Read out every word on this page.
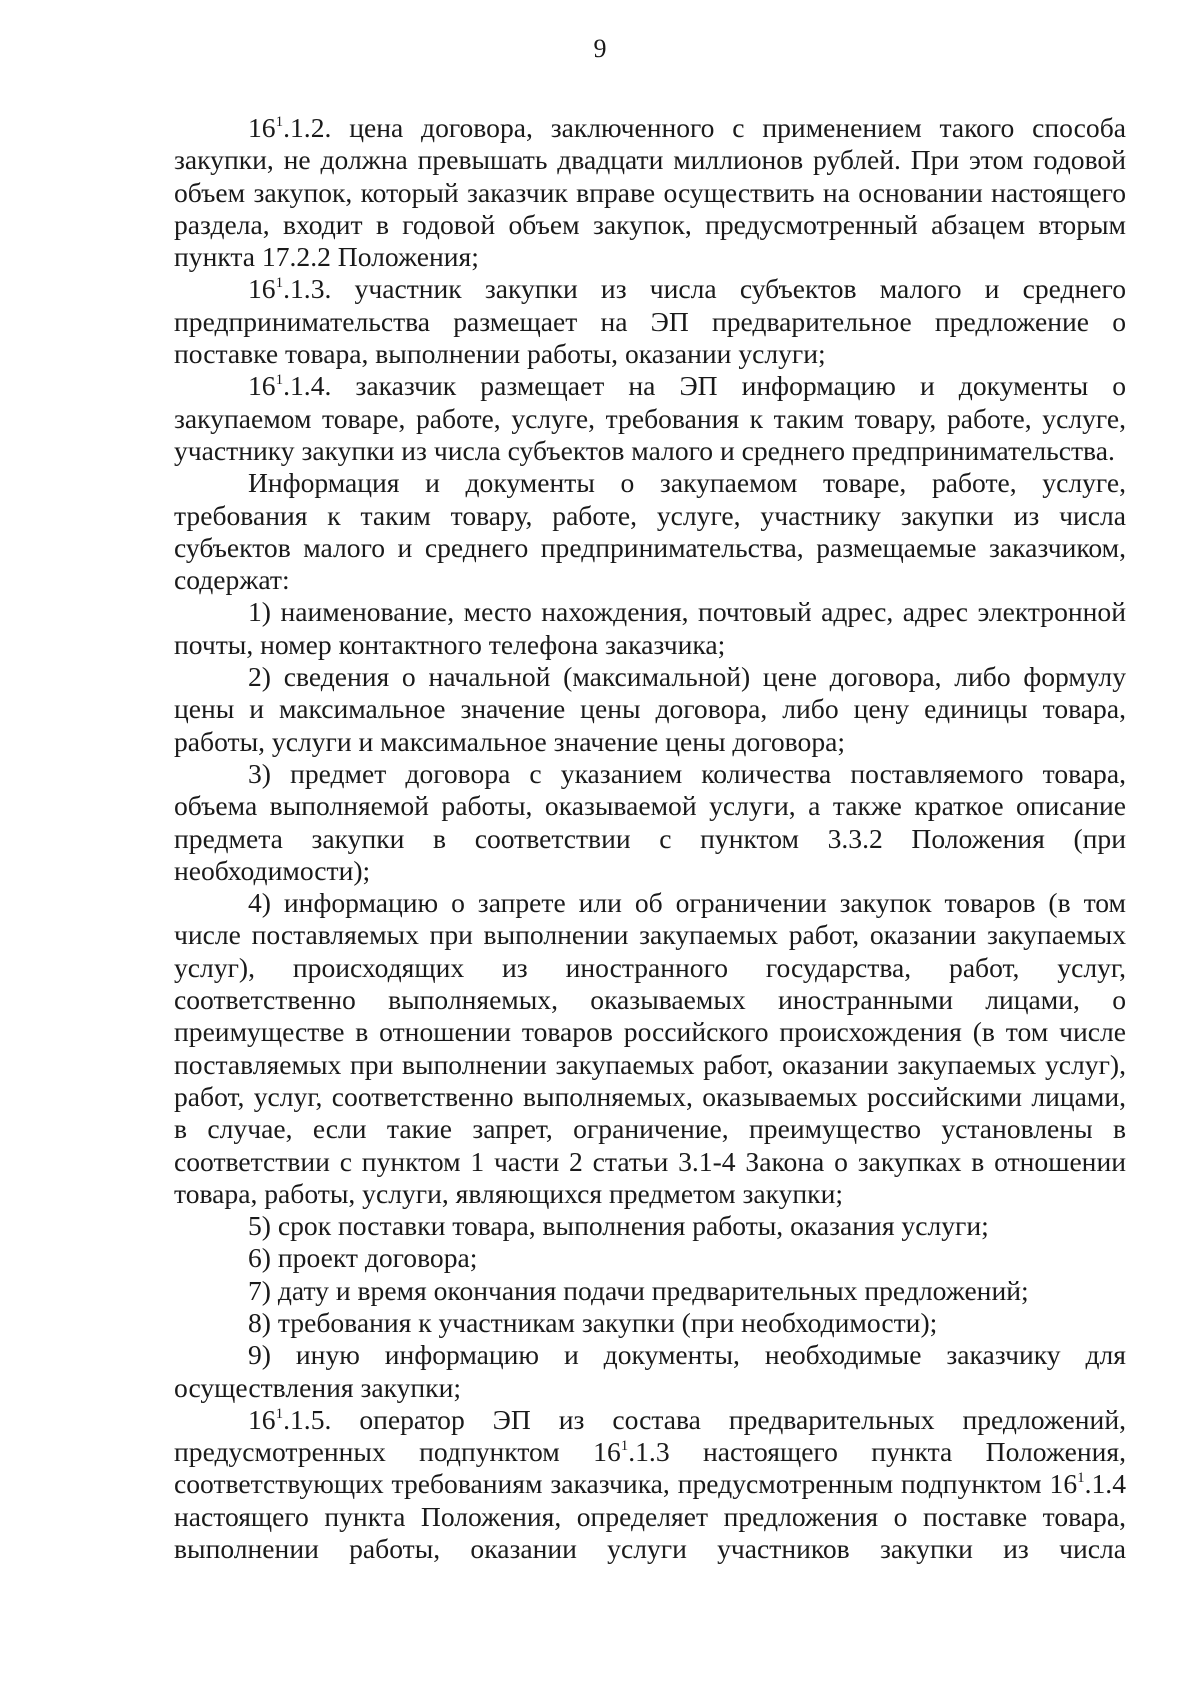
9

$16^1.1.2$. цена договора, заключенного с применением такого способа закупки, не должна превышать двадцати миллионов рублей. При этом годовой объем закупок, который заказчик вправе осуществить на основании настоящего раздела, входит в годовой объем закупок, предусмотренный абзацем вторым пункта 17.2.2 Положения;

$16^1.1.3$. участник закупки из числа субъектов малого и среднего предпринимательства размещает на ЭП предварительное предложение о поставке товара, выполнении работы, оказании услуги;

$16^1.1.4$. заказчик размещает на ЭП информацию и документы о закупаемом товаре, работе, услуге, требования к таким товару, работе, услуге, участнику закупки из числа субъектов малого и среднего предпринимательства.

Информация и документы о закупаемом товаре, работе, услуге, требования к таким товару, работе, услуге, участнику закупки из числа субъектов малого и среднего предпринимательства, размещаемые заказчиком, содержат:

1) наименование, место нахождения, почтовый адрес, адрес электронной почты, номер контактного телефона заказчика;

2) сведения о начальной (максимальной) цене договора, либо формулу цены и максимальное значение цены договора, либо цену единицы товара, работы, услуги и максимальное значение цены договора;

3) предмет договора с указанием количества поставляемого товара, объема выполняемой работы, оказываемой услуги, а также краткое описание предмета закупки в соответствии с пунктом 3.3.2 Положения (при необходимости);

4) информацию о запрете или об ограничении закупок товаров (в том числе поставляемых при выполнении закупаемых работ, оказании закупаемых услуг), происходящих из иностранного государства, работ, услуг, соответственно выполняемых, оказываемых иностранными лицами, о преимуществе в отношении товаров российского происхождения (в том числе поставляемых при выполнении закупаемых работ, оказании закупаемых услуг), работ, услуг, соответственно выполняемых, оказываемых российскими лицами, в случае, если такие запрет, ограничение, преимущество установлены в соответствии с пунктом 1 части 2 статьи 3.1-4 Закона о закупках в отношении товара, работы, услуги, являющихся предметом закупки;

5) срок поставки товара, выполнения работы, оказания услуги;

6) проект договора;

7) дату и время окончания подачи предварительных предложений;

8) требования к участникам закупки (при необходимости);

9) иную информацию и документы, необходимые заказчику для осуществления закупки;

$16^1.1.5$. оператор ЭП из состава предварительных предложений, предусмотренных подпунктом $16^1.1.3$ настоящего пункта Положения, соответствующих требованиям заказчика, предусмотренным подпунктом $16^1.1.4$ настоящего пункта Положения, определяет предложения о поставке товара, выполнении работы, оказании услуги участников закупки из числа
